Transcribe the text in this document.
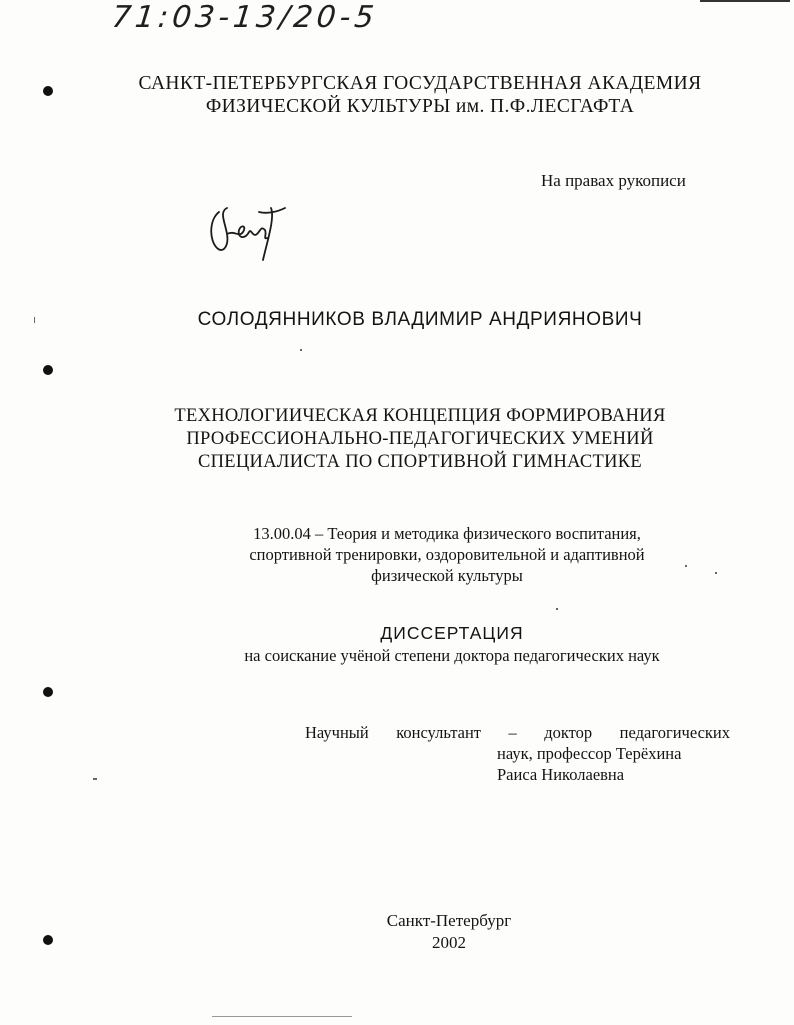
71:03-13/20-5
САНКТ-ПЕТЕРБУРГСКАЯ ГОСУДАРСТВЕННАЯ АКАДЕМИЯ
ФИЗИЧЕСКОЙ КУЛЬТУРЫ им. П.Ф.ЛЕСГАФТА
На правах рукописи
СОЛОДЯННИКОВ ВЛАДИМИР АНДРИЯНОВИЧ
ТЕХНОЛОГИИЧЕСКАЯ КОНЦЕПЦИЯ ФОРМИРОВАНИЯ
ПРОФЕССИОНАЛЬНО-ПЕДАГОГИЧЕСКИХ УМЕНИЙ
СПЕЦИАЛИСТА ПО СПОРТИВНОЙ ГИМНАСТИКЕ
13.00.04 – Теория и методика физического воспитания,
спортивной тренировки, оздоровительной и адаптивной
физической культуры
ДИССЕРТАЦИЯ
на соискание учёной степени доктора педагогических наук
Научный консультант – доктор педагогических
наук, профессор Терёхина
Раиса Николаевна
Санкт-Петербург
2002
